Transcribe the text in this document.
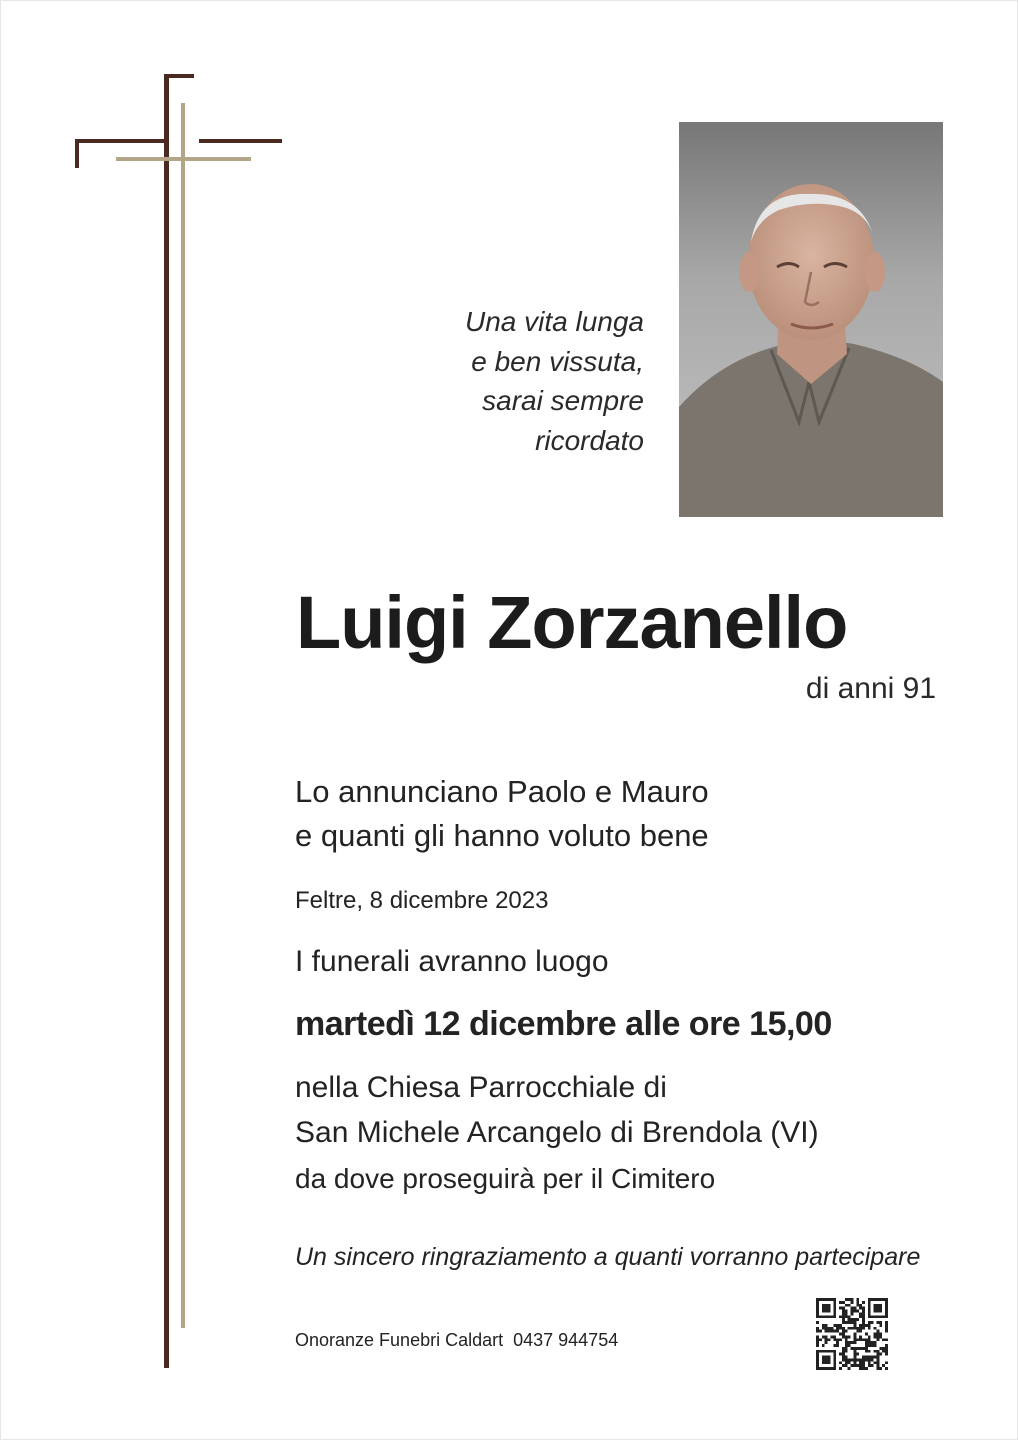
Una vita lunga
e ben vissuta,
sarai sempre
ricordato
Luigi Zorzanello
di anni 91
Lo annunciano Paolo e Mauro
e quanti gli hanno voluto bene
Feltre, 8 dicembre 2023
I funerali avranno luogo
martedì 12 dicembre alle ore 15,00
nella Chiesa Parrocchiale di
San Michele Arcangelo di Brendola (VI)
da dove proseguirà per il Cimitero
Un sincero ringraziamento a quanti vorranno partecipare
Onoranze Funebri Caldart 0437 944754
